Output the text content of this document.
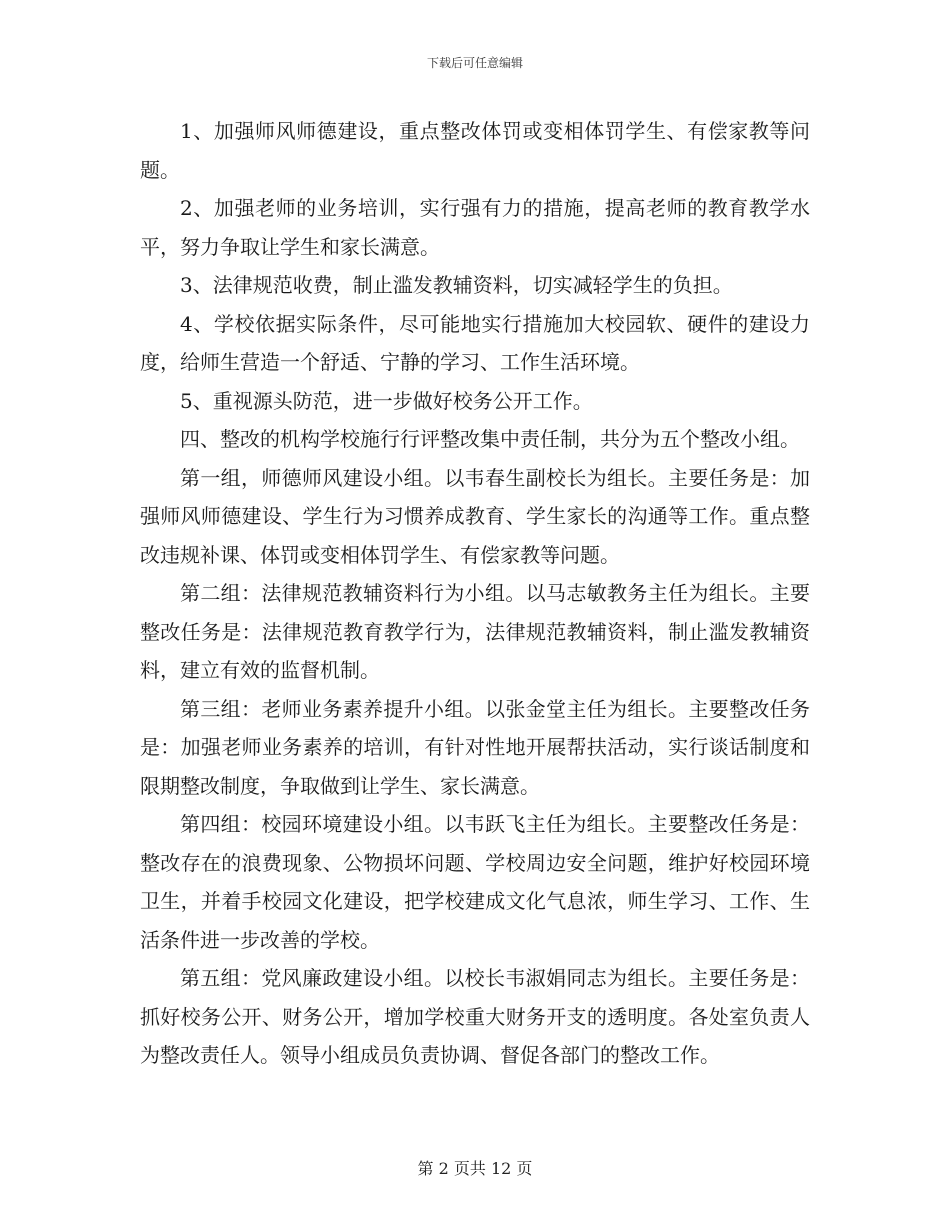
下载后可任意编辑

1、加强师风师德建设，重点整改体罚或变相体罚学生、有偿家教等问题。

2、加强老师的业务培训，实行强有力的措施，提高老师的教育教学水平，努力争取让学生和家长满意。

3、法律规范收费，制止滥发教辅资料，切实减轻学生的负担。

4、学校依据实际条件，尽可能地实行措施加大校园软、硬件的建设力度，给师生营造一个舒适、宁静的学习、工作生活环境。

5、重视源头防范，进一步做好校务公开工作。

四、整改的机构学校施行行评整改集中责任制，共分为五个整改小组。

第一组，师德师风建设小组。以韦春生副校长为组长。主要任务是：加强师风师德建设、学生行为习惯养成教育、学生家长的沟通等工作。重点整改违规补课、体罚或变相体罚学生、有偿家教等问题。

第二组：法律规范教辅资料行为小组。以马志敏教务主任为组长。主要整改任务是：法律规范教育教学行为，法律规范教辅资料，制止滥发教辅资料，建立有效的监督机制。

第三组：老师业务素养提升小组。以张金堂主任为组长。主要整改任务是：加强老师业务素养的培训，有针对性地开展帮扶活动，实行谈话制度和限期整改制度，争取做到让学生、家长满意。

第四组：校园环境建设小组。以韦跃飞主任为组长。主要整改任务是：整改存在的浪费现象、公物损坏问题、学校周边安全问题，维护好校园环境卫生，并着手校园文化建设，把学校建成文化气息浓，师生学习、工作、生活条件进一步改善的学校。

第五组：党风廉政建设小组。以校长韦淑娟同志为组长。主要任务是：抓好校务公开、财务公开，增加学校重大财务开支的透明度。各处室负责人为整改责任人。领导小组成员负责协调、督促各部门的整改工作。

第 2 页共 12 页
